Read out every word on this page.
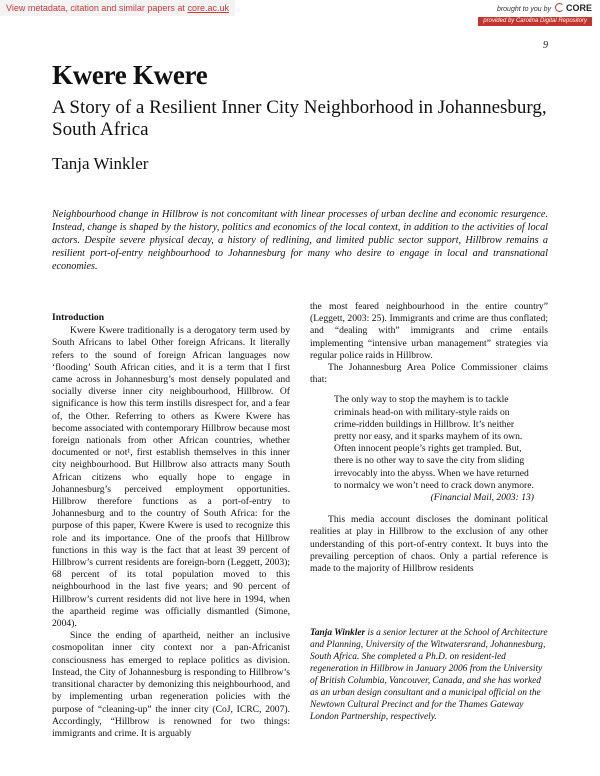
View metadata, citation and similar papers at core.ac.uk	brought to you by CORE
provided by Carolina Digital Repository
9
Kwere Kwere
A Story of a Resilient Inner City Neighborhood in Johannesburg, South Africa
Tanja Winkler
Neighbourhood change in Hillbrow is not concomitant with linear processes of urban decline and economic resurgence. Instead, change is shaped by the history, politics and economics of the local context, in addition to the activities of local actors. Despite severe physical decay, a history of redlining, and limited public sector support, Hillbrow remains a resilient port-of-entry neighbourhood to Johannesburg for many who desire to engage in local and transnational economies.
Introduction

Kwere Kwere traditionally is a derogatory term used by South Africans to label Other foreign Africans. It literally refers to the sound of foreign African languages now ‘flooding’ South African cities, and it is a term that I first came across in Johannesburg’s most densely populated and socially diverse inner city neighbourhood, Hillbrow. Of significance is how this term instills disrespect for, and a fear of, the Other. Referring to others as Kwere Kwere has become associated with contemporary Hillbrow because most foreign nationals from other African countries, whether documented or not¹, first establish themselves in this inner city neighbourhood. But Hillbrow also attracts many South African citizens who equally hope to engage in Johannesburg’s perceived employment opportunities. Hillbrow therefore functions as a port-of-entry to Johannesburg and to the country of South Africa: for the purpose of this paper, Kwere Kwere is used to recognize this role and its importance. One of the proofs that Hillbrow functions in this way is the fact that at least 39 percent of Hillbrow’s current residents are foreign-born (Leggett, 2003); 68 percent of its total population moved to this neighbourhood in the last five years; and 90 percent of Hillbrow’s current residents did not live here in 1994, when the apartheid regime was officially dismantled (Simone, 2004).

Since the ending of apartheid, neither an inclusive cosmopolitan inner city context nor a pan-Africanist consciousness has emerged to replace politics as division. Instead, the City of Johannesburg is responding to Hillbrow’s transitional character by demonizing this neighbourhood, and by implementing urban regeneration policies with the purpose of “cleaning-up” the inner city (CoJ, ICRC, 2007). Accordingly, “Hillbrow is renowned for two things: immigrants and crime. It is arguably

the most feared neighbourhood in the entire country” (Leggett, 2003: 25). Immigrants and crime are thus conflated; and “dealing with” immigrants and crime entails implementing “intensive urban management” strategies via regular police raids in Hillbrow.

The Johannesburg Area Police Commissioner claims that:

The only way to stop the mayhem is to tackle criminals head-on with military-style raids on crime-ridden buildings in Hillbrow. It’s neither pretty nor easy, and it sparks mayhem of its own. Often innocent people’s rights get trampled. But, there is no other way to save the city from sliding irrevocably into the abyss. When we have returned to normalcy we won’t need to crack down anymore.
(Financial Mail, 2003: 13)

This media account discloses the dominant political realities at play in Hillbrow to the exclusion of any other understanding of this port-of-entry context. It buys into the prevailing perception of chaos. Only a partial reference is made to the majority of Hillbrow residents

Tanja Winkler is a senior lecturer at the School of Architecture and Planning, University of the Witwatersrand, Johannesburg, South Africa. She completed a Ph.D. on resident-led regeneration in Hillbrow in January 2006 from the University of British Columbia, Vancouver, Canada, and she has worked as an urban design consultant and a municipal official on the Newtown Cultural Precinct and for the Thames Gateway London Partnership, respectively.
